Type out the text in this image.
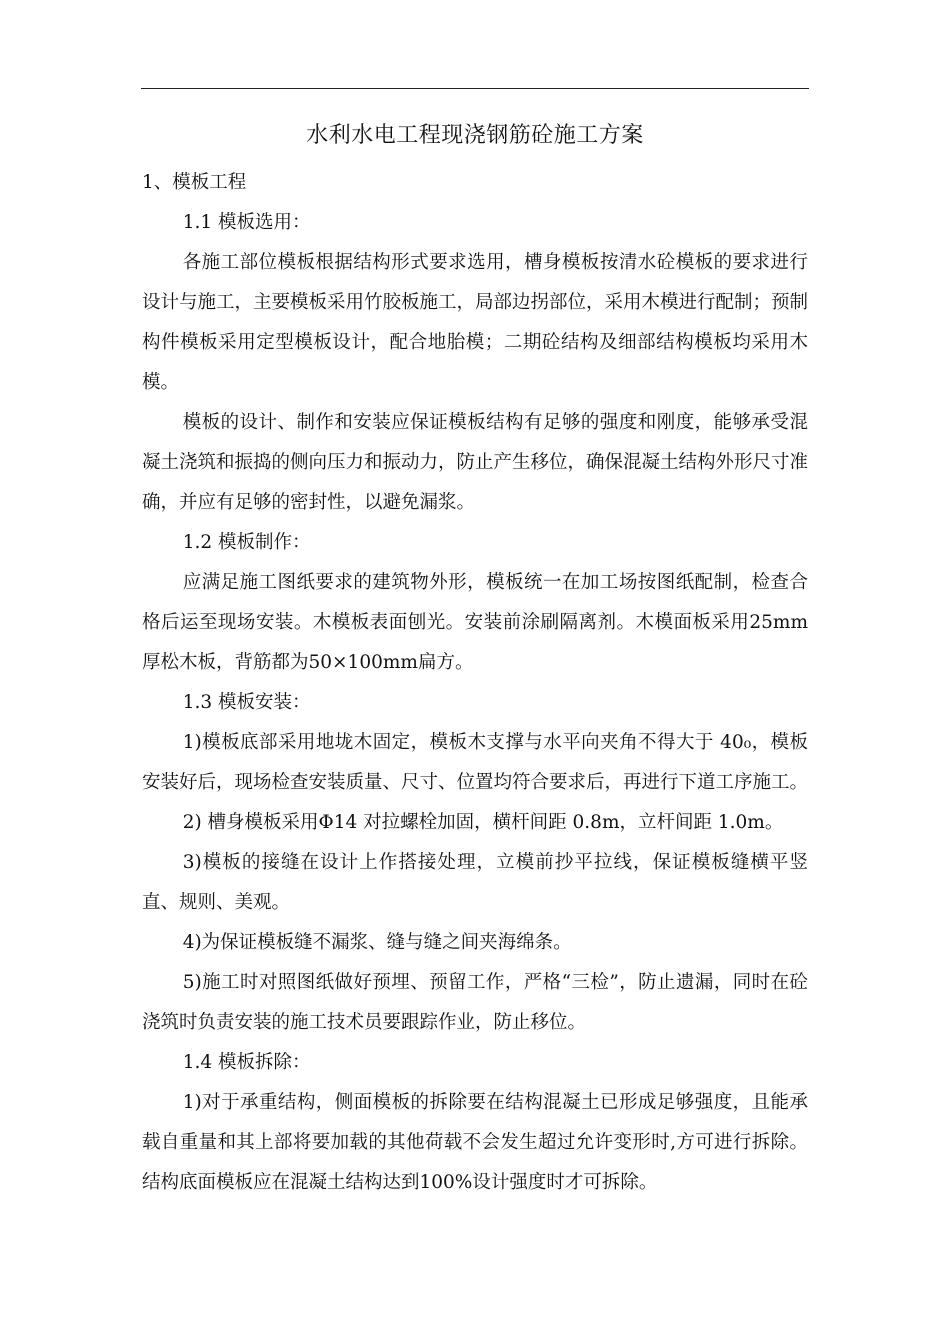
水利水电工程现浇钢筋砼施工方案

1、模板工程

1.1 模板选用：

各施工部位模板根据结构形式要求选用，槽身模板按清水砼模板的要求进行设计与施工，主要模板采用竹胶板施工，局部边拐部位，采用木模进行配制；预制构件模板采用定型模板设计，配合地胎模；二期砼结构及细部结构模板均采用木模。

模板的设计、制作和安装应保证模板结构有足够的强度和刚度，能够承受混凝土浇筑和振捣的侧向压力和振动力，防止产生移位，确保混凝土结构外形尺寸准确，并应有足够的密封性，以避免漏浆。

1.2 模板制作：

应满足施工图纸要求的建筑物外形，模板统一在加工场按图纸配制，检查合格后运至现场安装。木模板表面刨光。安装前涂刷隔离剂。木模面板采用25mm厚松木板，背筋都为50×100mm扁方。

1.3 模板安装：

1)模板底部采用地垅木固定，模板木支撑与水平向夹角不得大于 40₀，模板安装好后，现场检查安装质量、尺寸、位置均符合要求后，再进行下道工序施工。

2) 槽身模板采用Φ14 对拉螺栓加固，横杆间距 0.8m，立杆间距 1.0m。

3)模板的接缝在设计上作搭接处理，立模前抄平拉线，保证模板缝横平竖直、规则、美观。

4)为保证模板缝不漏浆、缝与缝之间夹海绵条。

5)施工时对照图纸做好预埋、预留工作，严格“三检”，防止遗漏，同时在砼浇筑时负责安装的施工技术员要跟踪作业，防止移位。

1.4 模板拆除：

1)对于承重结构，侧面模板的拆除要在结构混凝土已形成足够强度，且能承载自重量和其上部将要加载的其他荷载不会发生超过允许变形时,方可进行拆除。结构底面模板应在混凝土结构达到100%设计强度时才可拆除。
